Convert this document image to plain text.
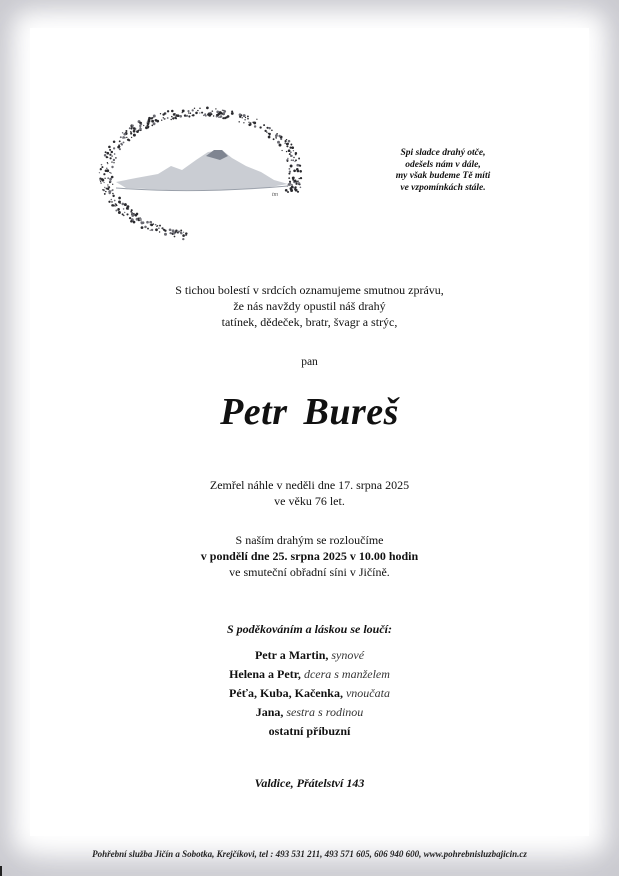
tm
Spi sladce drahý otče,
odešels nám v dále,
my však budeme Tě míti
ve vzpomínkách stále.
S tichou bolestí v srdcích oznamujeme smutnou zprávu,
že nás navždy opustil náš drahý
tatínek, dědeček, bratr, švagr a strýc,
pan
Petr Bureš
Zemřel náhle v neděli dne 17. srpna 2025
ve věku 76 let.
S naším drahým se rozloučíme
v pondělí dne 25. srpna 2025 v 10.00 hodin
ve smuteční obřadní síni v Jičíně.
S poděkováním a láskou se loučí:
Petr a Martin, synové
Helena a Petr, dcera s manželem
Péťa, Kuba, Kačenka, vnoučata
Jana, sestra s rodinou
ostatní příbuzní
Valdice, Přátelství 143
Pohřební služba Jičín a Sobotka, Krejčíkovi, tel : 493 531 211, 493 571 605, 606 940 600, www.pohrebnisluzbajicin.cz
